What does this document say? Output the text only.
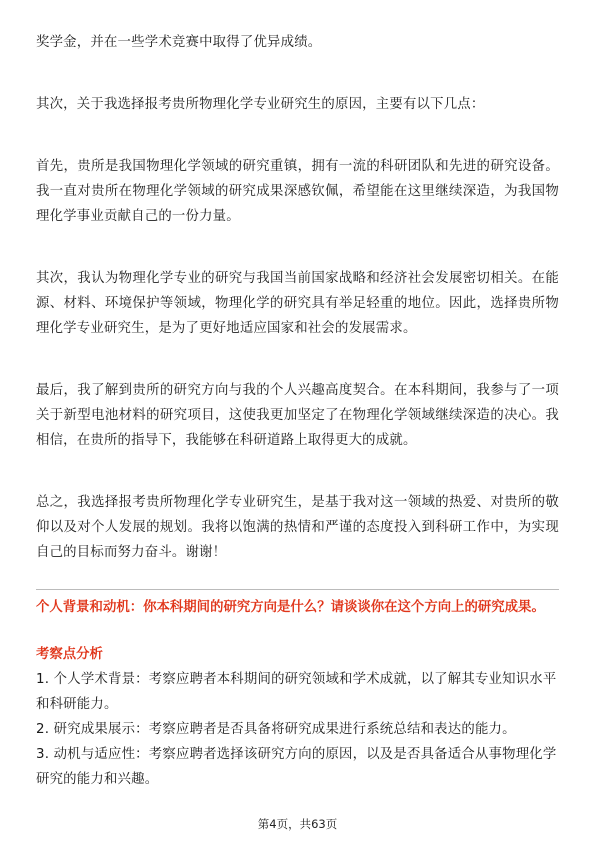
奖学金，并在一些学术竞赛中取得了优异成绩。

其次，关于我选择报考贵所物理化学专业研究生的原因，主要有以下几点：

首先，贵所是我国物理化学领域的研究重镇，拥有一流的科研团队和先进的研究设备。我一直对贵所在物理化学领域的研究成果深感钦佩，希望能在这里继续深造，为我国物理化学事业贡献自己的一份力量。

其次，我认为物理化学专业的研究与我国当前国家战略和经济社会发展密切相关。在能源、材料、环境保护等领域，物理化学的研究具有举足轻重的地位。因此，选择贵所物理化学专业研究生，是为了更好地适应国家和社会的发展需求。

最后，我了解到贵所的研究方向与我的个人兴趣高度契合。在本科期间，我参与了一项关于新型电池材料的研究项目，这使我更加坚定了在物理化学领域继续深造的决心。我相信，在贵所的指导下，我能够在科研道路上取得更大的成就。

总之，我选择报考贵所物理化学专业研究生，是基于我对这一领域的热爱、对贵所的敬仰以及对个人发展的规划。我将以饱满的热情和严谨的态度投入到科研工作中，为实现自己的目标而努力奋斗。谢谢！

个人背景和动机：你本科期间的研究方向是什么？请谈谈你在这个方向上的研究成果。

考察点分析

1. 个人学术背景：考察应聘者本科期间的研究领域和学术成就，以了解其专业知识水平和科研能力。
2. 研究成果展示：考察应聘者是否具备将研究成果进行系统总结和表达的能力。
3. 动机与适应性：考察应聘者选择该研究方向的原因，以及是否具备适合从事物理化学研究的能力和兴趣。
第4页，共63页
